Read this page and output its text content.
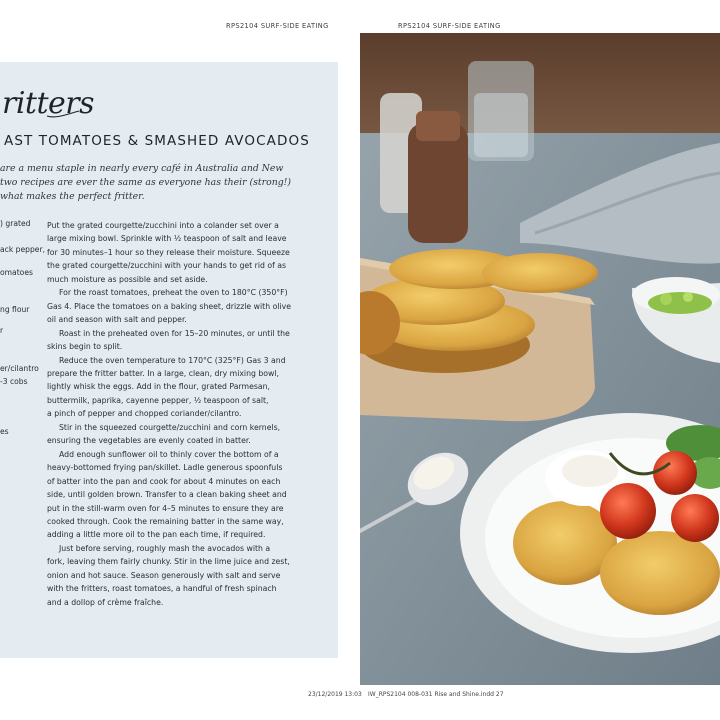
RPS2104 SURF-SIDE EATING	RPS2104 SURF-SIDE EATING
ritters
AST TOMATOES & SMASHED AVOCADOS
are a menu staple in nearly every café in Australia and New
two recipes are ever the same as everyone has their (strong!)
what makes the perfect fritter.
) grated
ack pepper,
omatoes
ng flour
r
er/cilantro
-3 cobs
es
Put the grated courgette/zucchini into a colander set over a
large mixing bowl. Sprinkle with ½ teaspoon of salt and leave
for 30 minutes–1 hour so they release their moisture. Squeeze
the grated courgette/zucchini with your hands to get rid of as
much moisture as possible and set aside.
For the roast tomatoes, preheat the oven to 180°C (350°F)
Gas 4. Place the tomatoes on a baking sheet, drizzle with olive
oil and season with salt and pepper.
Roast in the preheated oven for 15–20 minutes, or until the
skins begin to split.
Reduce the oven temperature to 170°C (325°F) Gas 3 and
prepare the fritter batter. In a large, clean, dry mixing bowl,
lightly whisk the eggs. Add in the flour, grated Parmesan,
buttermilk, paprika, cayenne pepper, ½ teaspoon of salt,
a pinch of pepper and chopped coriander/cilantro.
Stir in the squeezed courgette/zucchini and corn kernels,
ensuring the vegetables are evenly coated in batter.
Add enough sunflower oil to thinly cover the bottom of a
heavy-bottomed frying pan/skillet. Ladle generous spoonfuls
of batter into the pan and cook for about 4 minutes on each
side, until golden brown. Transfer to a clean baking sheet and
put in the still-warm oven for 4–5 minutes to ensure they are
cooked through. Cook the remaining batter in the same way,
adding a little more oil to the pan each time, if required.
Just before serving, roughly mash the avocados with a
fork, leaving them fairly chunky. Stir in the lime juice and zest,
onion and hot sauce. Season generously with salt and serve
with the fritters, roast tomatoes, a handful of fresh spinach
and a dollop of crème fraîche.
23/12/2019 13:03 IW_RPS2104 008-031 Rise and Shine.indd 27
